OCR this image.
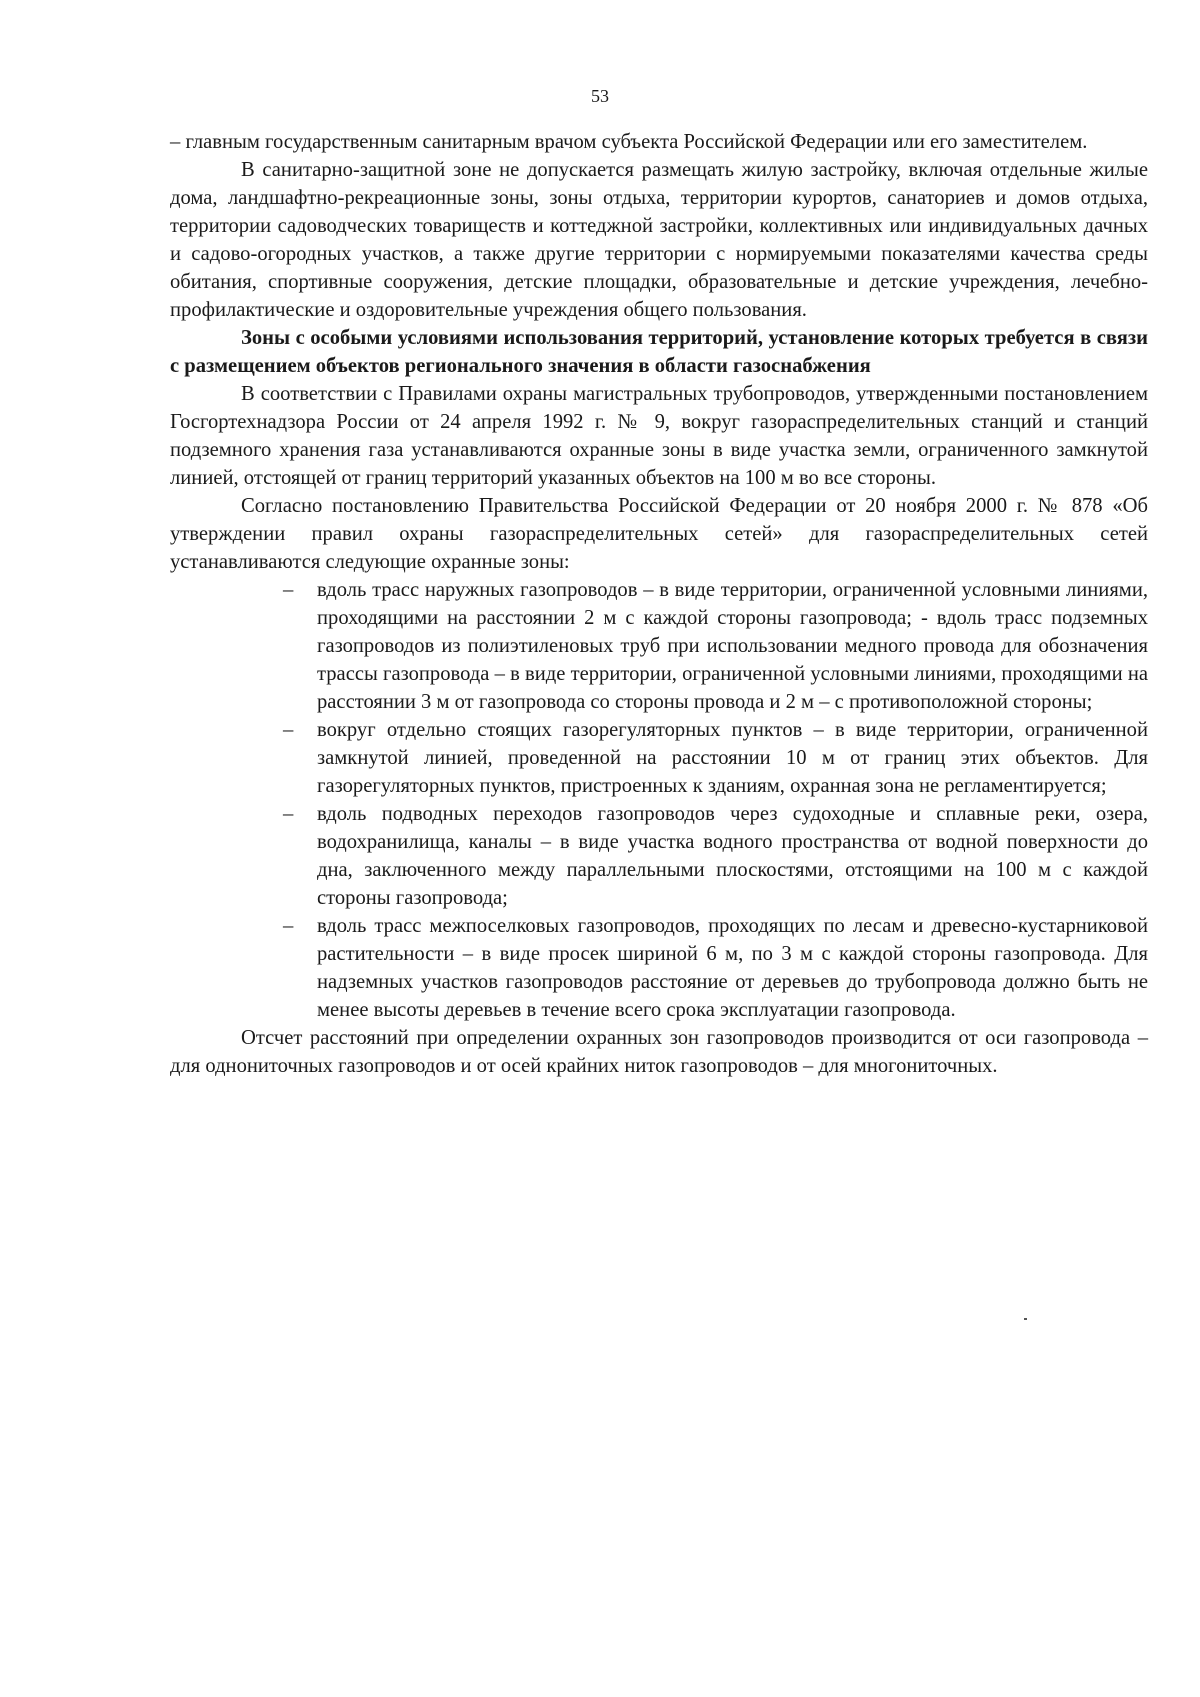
53

– главным государственным санитарным врачом субъекта Российской Федерации или его заместителем.

В санитарно-защитной зоне не допускается размещать жилую застройку, включая отдельные жилые дома, ландшафтно-рекреационные зоны, зоны отдыха, территории курортов, санаториев и домов отдыха, территории садоводческих товариществ и коттеджной застройки, коллективных или индивидуальных дачных и садово-огородных участков, а также другие территории с нормируемыми показателями качества среды обитания, спортивные сооружения, детские площадки, образовательные и детские учреждения, лечебно-профилактические и оздоровительные учреждения общего пользования.

Зоны с особыми условиями использования территорий, установление которых требуется в связи с размещением объектов регионального значения в области газоснабжения

В соответствии с Правилами охраны магистральных трубопроводов, утвержденными постановлением Госгортехнадзора России от 24 апреля 1992 г. № 9, вокруг газораспределительных станций и станций подземного хранения газа устанавливаются охранные зоны в виде участка земли, ограниченного замкнутой линией, отстоящей от границ территорий указанных объектов на 100 м во все стороны.

Согласно постановлению Правительства Российской Федерации от 20 ноября 2000 г. № 878 «Об утверждении правил охраны газораспределительных сетей» для газораспределительных сетей устанавливаются следующие охранные зоны:

– вдоль трасс наружных газопроводов – в виде территории, ограниченной условными линиями, проходящими на расстоянии 2 м с каждой стороны газопровода; - вдоль трасс подземных газопроводов из полиэтиленовых труб при использовании медного провода для обозначения трассы газопровода – в виде территории, ограниченной условными линиями, проходящими на расстоянии 3 м от газопровода со стороны провода и 2 м – с противоположной стороны;
– вокруг отдельно стоящих газорегуляторных пунктов – в виде территории, ограниченной замкнутой линией, проведенной на расстоянии 10 м от границ этих объектов. Для газорегуляторных пунктов, пристроенных к зданиям, охранная зона не регламентируется;
– вдоль подводных переходов газопроводов через судоходные и сплавные реки, озера, водохранилища, каналы – в виде участка водного пространства от водной поверхности до дна, заключенного между параллельными плоскостями, отстоящими на 100 м с каждой стороны газопровода;
– вдоль трасс межпоселковых газопроводов, проходящих по лесам и древесно-кустарниковой растительности – в виде просек шириной 6 м, по 3 м с каждой стороны газопровода. Для надземных участков газопроводов расстояние от деревьев до трубопровода должно быть не менее высоты деревьев в течение всего срока эксплуатации газопровода.

Отсчет расстояний при определении охранных зон газопроводов производится от оси газопровода – для однониточных газопроводов и от осей крайних ниток газопроводов – для многониточных.
